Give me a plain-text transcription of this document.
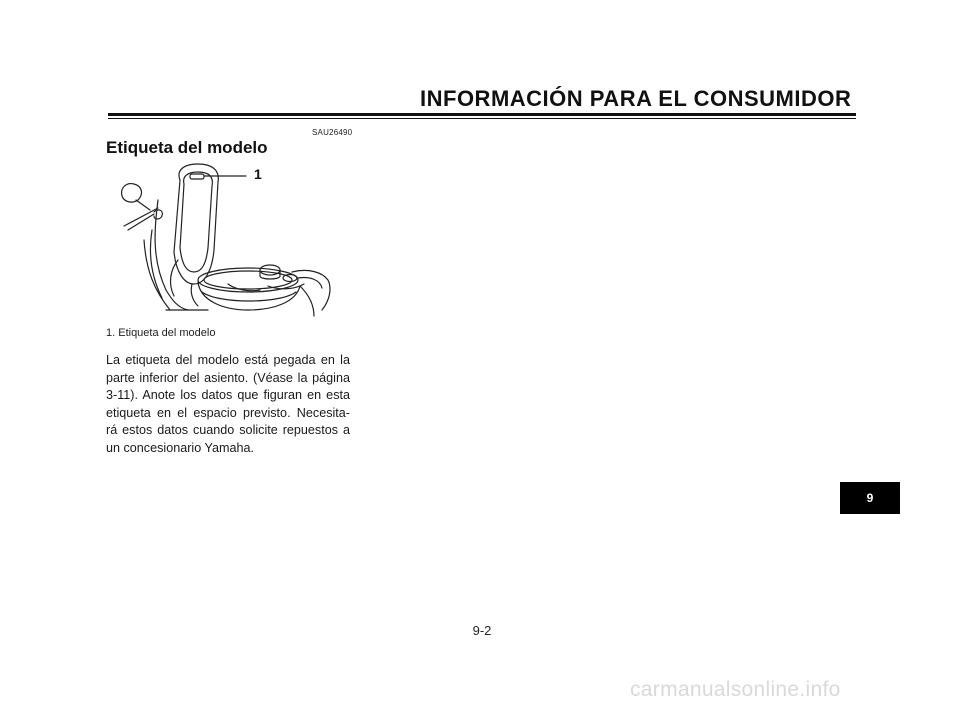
INFORMACIÓN PARA EL CONSUMIDOR
SAU26490
Etiqueta del modelo
1
1. Etiqueta del modelo

La etiqueta del modelo está pegada en la
parte inferior del asiento. (Véase la página
3-11). Anote los datos que figuran en esta
etiqueta en el espacio previsto. Necesita-
rá estos datos cuando solicite repuestos a
un concesionario Yamaha.

9
9-2
carmanualsonline.info
